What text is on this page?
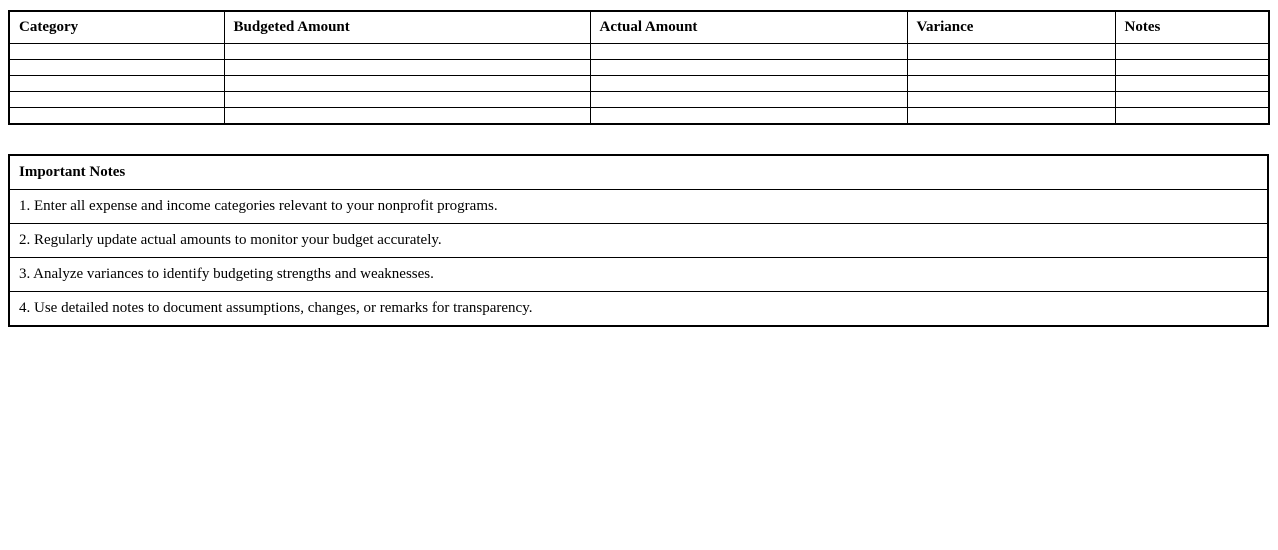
Category	Budgeted Amount	Actual Amount	Variance	Notes

Important Notes
1. Enter all expense and income categories relevant to your nonprofit programs.
2. Regularly update actual amounts to monitor your budget accurately.
3. Analyze variances to identify budgeting strengths and weaknesses.
4. Use detailed notes to document assumptions, changes, or remarks for transparency.
